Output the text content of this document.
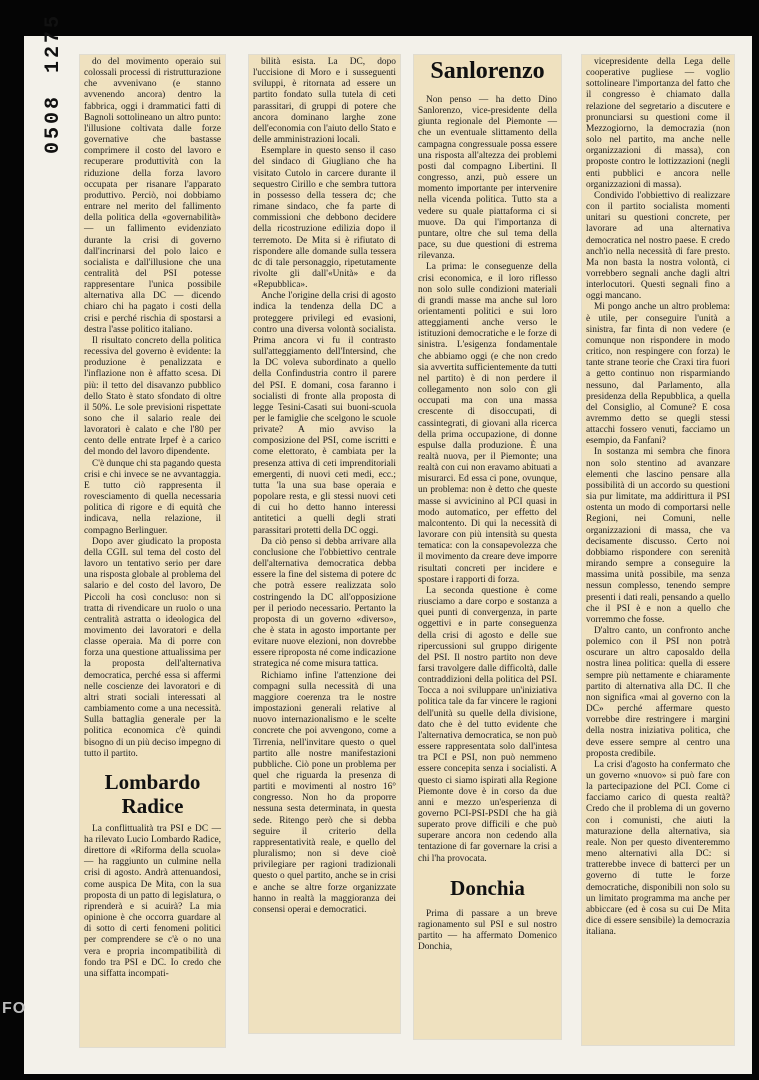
0508 1275	do del movimento operaio sui colossali processi di ristrutturazione che avvenivano (e stanno avvenendo ancora) dentro la fabbrica, oggi i drammatici fatti di Bagnoli sottolineano un altro punto: l'illusione coltivata dalle forze governative che bastasse comprimere il costo del lavoro e recuperare produttività con la riduzione della forza lavoro occupata per risanare l'apparato produttivo. Perciò, noi dobbiamo entrare nel merito del fallimento della politica della «governabilità» — un fallimento evidenziato durante la crisi di governo dall'incrinarsi del polo laico e socialista e dall'illusione che una centralità del PSI potesse rappresentare l'unica possibile alternativa alla DC — dicendo chiaro chi ha pagato i costi della crisi e perché rischia di spostarsi a destra l'asse politico italiano.

Il risultato concreto della politica recessiva del governo è evidente: la produzione è penalizzata e l'inflazione non è affatto scesa. Di più: il tetto del disavanzo pubblico dello Stato è stato sfondato di oltre il 50%. Le sole previsioni rispettate sono che il salario reale dei lavoratori è calato e che l'80 per cento delle entrate Irpef è a carico del mondo del lavoro dipendente.

C'è dunque chi sta pagando questa crisi e chi invece se ne avvantaggia. E tutto ciò rappresenta il rovesciamento di quella necessaria politica di rigore e di equità che indicava, nella relazione, il compagno Berlinguer.

Dopo aver giudicato la proposta della CGIL sul tema del costo del lavoro un tentativo serio per dare una risposta globale al problema del salario e del costo del lavoro, De Piccoli ha così concluso: non si tratta di rivendicare un ruolo o una centralità astratta o ideologica del movimento dei lavoratori e della classe operaia. Ma di porre con forza una questione attualissima per la proposta dell'alternativa democratica, perché essa si affermi nelle coscienze dei lavoratori e di altri strati sociali interessati al cambiamento come a una necessità. Sulla battaglia generale per la politica economica c'è quindi bisogno di un più deciso impegno di tutto il partito.

Lombardo Radice

La conflittualità tra PSI e DC — ha rilevato Lucio Lombardo Radice, direttore di «Riforma della scuola» — ha raggiunto un culmine nella crisi di agosto. Andrà attenuandosi, come auspica De Mita, con la sua proposta di un patto di legislatura, o riprenderà e si acuirà? La mia opinione è che occorra guardare al di sotto di certi fenomeni politici per comprendere se c'è o no una vera e propria incompatibilità di fondo tra PSI e DC. Io credo che una siffatta incompati-

bilità esista. La DC, dopo l'uccisione di Moro e i susseguenti sviluppi, è ritornata ad essere un partito fondato sulla tutela di ceti parassitari, di gruppi di potere che ancora dominano larghe zone dell'economia con l'aiuto dello Stato e delle amministrazioni locali.

Esemplare in questo senso il caso del sindaco di Giugliano che ha visitato Cutolo in carcere durante il sequestro Cirillo e che sembra tuttora in possesso della tessera dc; che rimane sindaco, che fa parte di commissioni che debbono decidere della ricostruzione edilizia dopo il terremoto. De Mita si è rifiutato di rispondere alle domande sulla tessera dc di tale personaggio, ripetutamente rivolte gli dall'«Unità» e da «Repubblica».

Anche l'origine della crisi di agosto indica la tendenza della DC a proteggere privilegi ed evasioni, contro una diversa volontà socialista. Prima ancora vi fu il contrasto sull'atteggiamento dell'Intersind, che la DC voleva subordinato a quello della Confindustria contro il parere del PSI. E domani, cosa faranno i socialisti di fronte alla proposta di legge Tesini-Casati sui buoni-scuola per le famiglie che scelgono le scuole private? A mio avviso la composizione del PSI, come iscritti e come elettorato, è cambiata per la presenza attiva di ceti imprenditoriali emergenti, di nuovi ceti medi, ecc.; tutta 'la una sua base operaia e popolare resta, e gli stessi nuovi ceti di cui ho detto hanno interessi antitetici a quelli degli strati parassitari protetti della DC oggi.

Da ciò penso si debba arrivare alla conclusione che l'obbiettivo centrale dell'alternativa democratica debba essere la fine del sistema di potere dc che potrà essere realizzata solo costringendo la DC all'opposizione per il periodo necessario. Pertanto la proposta di un governo «diverso», che è stata in agosto importante per evitare nuove elezioni, non dovrebbe essere riproposta né come indicazione strategica né come misura tattica.

Richiamo infine l'attenzione dei compagni sulla necessità di una maggiore coerenza tra le nostre impostazioni generali relative al nuovo internazionalismo e le scelte concrete che poi avvengono, come a Tirrenia, nell'invitare questo o quel partito alle nostre manifestazioni pubbliche. Ciò pone un problema per quel che riguarda la presenza di partiti e movimenti al nostro 16° congresso. Non ho da proporre nessuna sesta determinata, in questa sede. Ritengo però che si debba seguire il criterio della rappresentatività reale, e quello del pluralismo; non si deve cioè privilegiare per ragioni tradizionali questo o quel partito, anche se in crisi e anche se altre forze organizzate hanno in realtà la maggioranza dei consensi operai e democratici.

Sanlorenzo

Non penso — ha detto Dino Sanlorenzo, vice-presidente della giunta regionale del Piemonte — che un eventuale slittamento della campagna congressuale possa essere una risposta all'altezza dei problemi posti dal compagno Libertini. Il congresso, anzi, può essere un momento importante per intervenire nella vicenda politica. Tutto sta a vedere su quale piattaforma ci si muove. Da qui l'importanza di puntare, oltre che sul tema della pace, su due questioni di estrema rilevanza.

La prima: le conseguenze della crisi economica, e il loro riflesso non solo sulle condizioni materiali di grandi masse ma anche sul loro orientamenti politici e sui loro atteggiamenti anche verso le istituzioni democratiche e le forze di sinistra. L'esigenza fondamentale che abbiamo oggi (e che non credo sia avvertita sufficientemente da tutti nel partito) è di non perdere il collegamento non solo con gli occupati ma con una massa crescente di disoccupati, di cassintegrati, di giovani alla ricerca della prima occupazione, di donne espulse dalla produzione. È una realtà nuova, per il Piemonte; una realtà con cui non eravamo abituati a misurarci. Ed essa ci pone, ovunque, un problema: non è detto che queste masse si avvicinino al PCI quasi in modo automatico, per effetto del malcontento. Di qui la necessità di lavorare con più intensità su questa tematica: con la consapevolezza che il movimento da creare deve imporre risultati concreti per incidere e spostare i rapporti di forza.

La seconda questione è come riusciamo a dare corpo e sostanza a quei punti di convergenza, in parte oggettivi e in parte conseguenza della crisi di agosto e delle sue ripercussioni sul gruppo dirigente del PSI. Il nostro partito non deve farsi travolgere dalle difficoltà, dalle contraddizioni della politica del PSI. Tocca a noi sviluppare un'iniziativa politica tale da far vincere le ragioni dell'unità su quelle della divisione, dato che è del tutto evidente che l'alternativa democratica, se non può essere rappresentata solo dall'intesa tra PCI e PSI, non può nemmeno essere concepita senza i socialisti. A questo ci siamo ispirati alla Regione Piemonte dove è in corso da due anni e mezzo un'esperienza di governo PCI-PSI-PSDI che ha già superato prove difficili e che può superare ancora non cedendo alla tentazione di far governare la crisi a chi l'ha provocata.

Donchia

Prima di passare a un breve ragionamento sul PSI e sul nostro partito — ha affermato Domenico Donchia,

vicepresidente della Lega delle cooperative pugliese — voglio sottolineare l'importanza del fatto che il congresso è chiamato dalla relazione del segretario a discutere e pronunciarsi su questioni come il Mezzogiorno, la democrazia (non solo nel partito, ma anche nelle organizzazioni di massa), con proposte contro le lottizzazioni (negli enti pubblici e ancora nelle organizzazioni di massa).

Condivido l'obbiettivo di realizzare con il partito socialista momenti unitari su questioni concrete, per lavorare ad una alternativa democratica nel nostro paese. E credo anch'io nella necessità di fare presto. Ma non basta la nostra volontà, ci vorrebbero segnali anche dagli altri interlocutori. Questi segnali fino a oggi mancano.

Mi pongo anche un altro problema: è utile, per conseguire l'unità a sinistra, far finta di non vedere (e comunque non rispondere in modo critico, non respingere con forza) le tante strane teorie che Craxi tira fuori a getto continuo non risparmiando nessuno, dal Parlamento, alla presidenza della Repubblica, a quella del Consiglio, al Comune? E cosa avremmo detto se quegli stessi attacchi fossero venuti, facciamo un esempio, da Fanfani?

In sostanza mi sembra che finora non solo stentino ad avanzare elementi che lascino pensare alla possibilità di un accordo su questioni sia pur limitate, ma addirittura il PSI ostenta un modo di comportarsi nelle Regioni, nei Comuni, nelle organizzazioni di massa, che va decisamente discusso. Certo noi dobbiamo rispondere con serenità mirando sempre a conseguire la massima unità possibile, ma senza nessun complesso, tenendo sempre presenti i dati reali, pensando a quello che il PSI è e non a quello che vorremmo che fosse.

D'altro canto, un confronto anche polemico con il PSI non potrà oscurare un altro caposaldo della nostra linea politica: quella di essere sempre più nettamente e chiaramente partito di alternativa alla DC. Il che non significa «mai al governo con la DC» perché affermare questo vorrebbe dire restringere i margini della nostra iniziativa politica, che deve essere sempre al centro una proposta credibile.

La crisi d'agosto ha confermato che un governo «nuovo» si può fare con la partecipazione del PCI. Come ci facciamo carico di questa realtà? Credo che il problema di un governo con i comunisti, che aiuti la maturazione della alternativa, sia reale. Non per questo diventeremmo meno alternativi alla DC: si tratterebbe invece di batterci per un governo di tutte le forze democratiche, disponibili non solo su un limitato programma ma anche per abbiccare (ed è cosa su cui De Mita dice di essere sensibile) la democrazia italiana.

FO
